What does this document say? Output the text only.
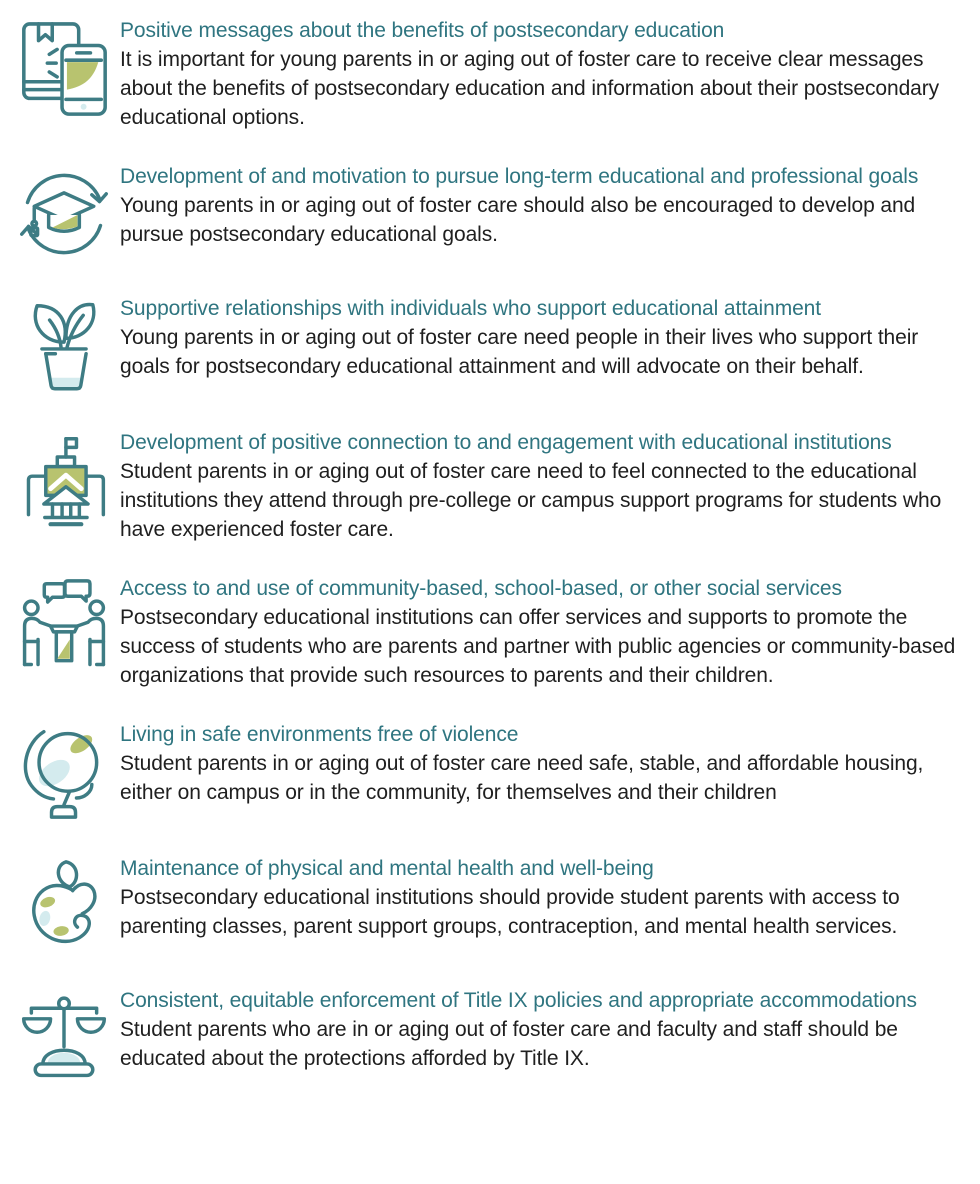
Positive messages about the benefits of postsecondary education
It is important for young parents in or aging out of foster care to receive clear messages about the benefits of postsecondary education and information about their postsecondary educational options.
Development of and motivation to pursue long-term educational and professional goals
Young parents in or aging out of foster care should also be encouraged to develop and pursue postsecondary educational goals.
Supportive relationships with individuals who support educational attainment
Young parents in or aging out of foster care need people in their lives who support their goals for postsecondary educational attainment and will advocate on their behalf.
Development of positive connection to and engagement with educational institutions
Student parents in or aging out of foster care need to feel connected to the educational institutions they attend through pre-college or campus support programs for students who have experienced foster care.
Access to and use of community-based, school-based, or other social services
Postsecondary educational institutions can offer services and supports to promote the success of students who are parents and partner with public agencies or community-based organizations that provide such resources to parents and their children.
Living in safe environments free of violence
Student parents in or aging out of foster care need safe, stable, and affordable housing, either on campus or in the community, for themselves and their children
Maintenance of physical and mental health and well-being
Postsecondary educational institutions should provide student parents with access to parenting classes, parent support groups, contraception, and mental health services.
Consistent, equitable enforcement of Title IX policies and appropriate accommodations
Student parents who are in or aging out of foster care and faculty and staff should be educated about the protections afforded by Title IX.
